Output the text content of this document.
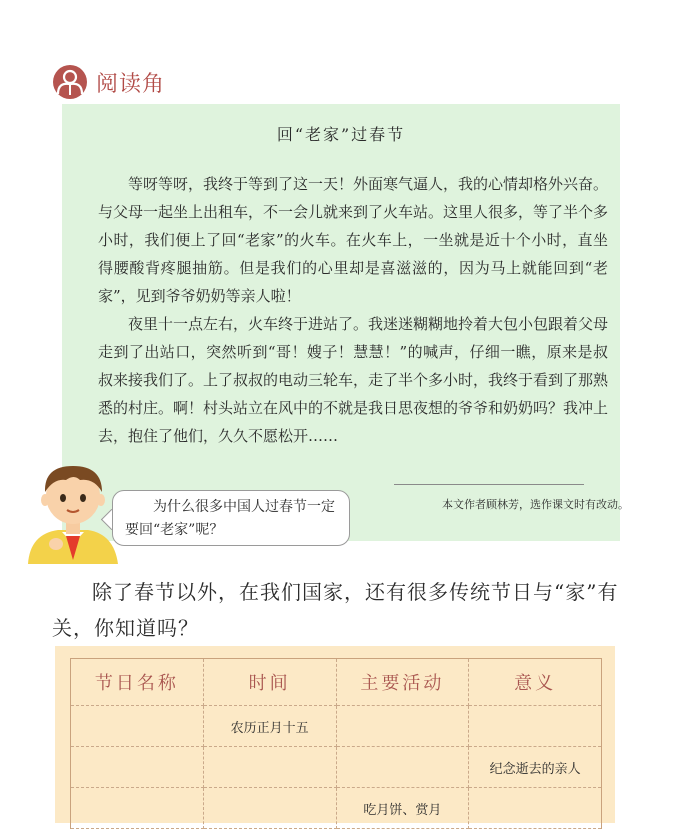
阅读角
回“老家”过春节

等呀等呀，我终于等到了这一天！外面寒气逼人，我的心情却格外兴奋。与父母一起坐上出租车，不一会儿就来到了火车站。这里人很多，等了半个多小时，我们便上了回“老家”的火车。在火车上，一坐就是近十个小时，直坐得腰酸背疼腿抽筋。但是我们的心里却是喜滋滋的，因为马上就能回到“老家”，见到爷爷奶奶等亲人啦！

夜里十一点左右，火车终于进站了。我迷迷糊糊地拎着大包小包跟着父母走到了出站口，突然听到“哥！嫂子！慧慧！”的喊声，仔细一瞧，原来是叔叔来接我们了。上了叔叔的电动三轮车，走了半个多小时，我终于看到了那熟悉的村庄。啊！村头站立在风中的不就是我日思夜想的爷爷和奶奶吗？我冲上去，抱住了他们，久久不愿松开……

本文作者顾林芳，选作课文时有改动。

为什么很多中国人过春节一定要回“老家”呢？

除了春节以外，在我们国家，还有很多传统节日与“家”有关，你知道吗？

节日名称	时间	主要活动	意义
	农历正月十五		
			纪念逝去的亲人
		吃月饼、赏月	
